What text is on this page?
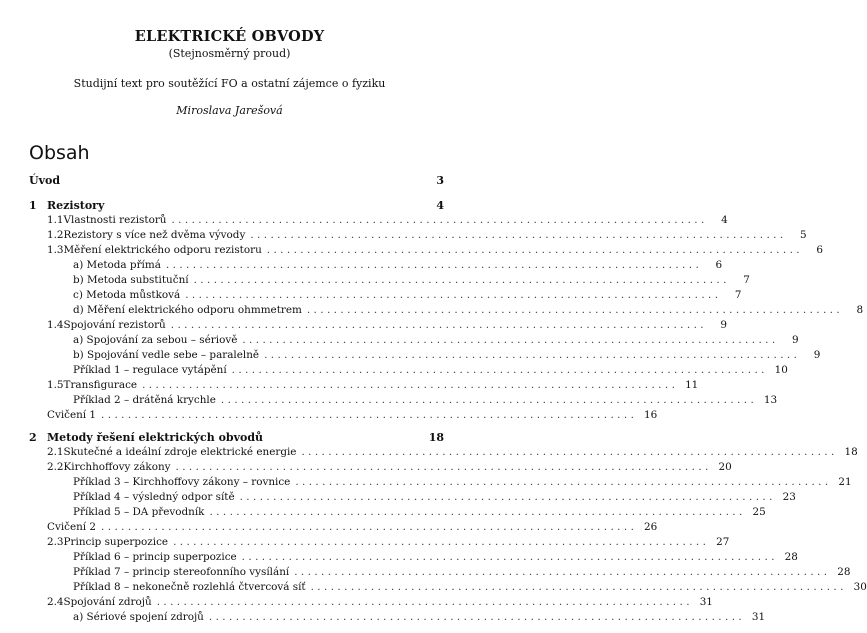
ELEKTRICKÉ OBVODY
(Stejnosměrný proud)
Studijní text pro soutěžící FO a ostatní zájemce o fyziku
Miroslava Jarešová
Obsah
Úvod	3
1 Rezistory	4
1.1 Vlastnosti rezistorů ................................................................................	4
1.2 Rezistory s více než dvěma vývody ................................................................................	5
1.3 Měření elektrického odporu rezistoru ................................................................................	6
a) Metoda přímá ................................................................................	6
b) Metoda substituční ................................................................................	7
c) Metoda můstková ................................................................................	7
d) Měření elektrického odporu ohmmetrem ................................................................................	8
1.4 Spojování rezistorů ................................................................................	9
a) Spojování za sebou – sériově ................................................................................	9
b) Spojování vedle sebe – paralelně ................................................................................	9
Příklad 1 – regulace vytápění ................................................................................ 10
1.5 Transfigurace ................................................................................ 11
Příklad 2 – drátěná krychle ................................................................................ 13
Cvičení 1 ................................................................................ 16
2 Metody řešení elektrických obvodů	18
2.1 Skutečné a ideální zdroje elektrické energie ................................................................................ 18
2.2 Kirchhoffovy zákony ................................................................................ 20
Příklad 3 – Kirchhoffovy zákony – rovnice ................................................................................ 21
Příklad 4 – výsledný odpor sítě ................................................................................ 23
Příklad 5 – DA převodník ................................................................................ 25
Cvičení 2 ................................................................................ 26
2.3 Princip superpozice ................................................................................ 27
Příklad 6 – princip superpozice ................................................................................ 28
Příklad 7 – princip stereofonního vysílání ................................................................................ 28
Příklad 8 – nekonečně rozlehlá čtvercová síť ................................................................................ 30
2.4 Spojování zdrojů ................................................................................ 31
a) Sériové spojení zdrojů ................................................................................ 31
